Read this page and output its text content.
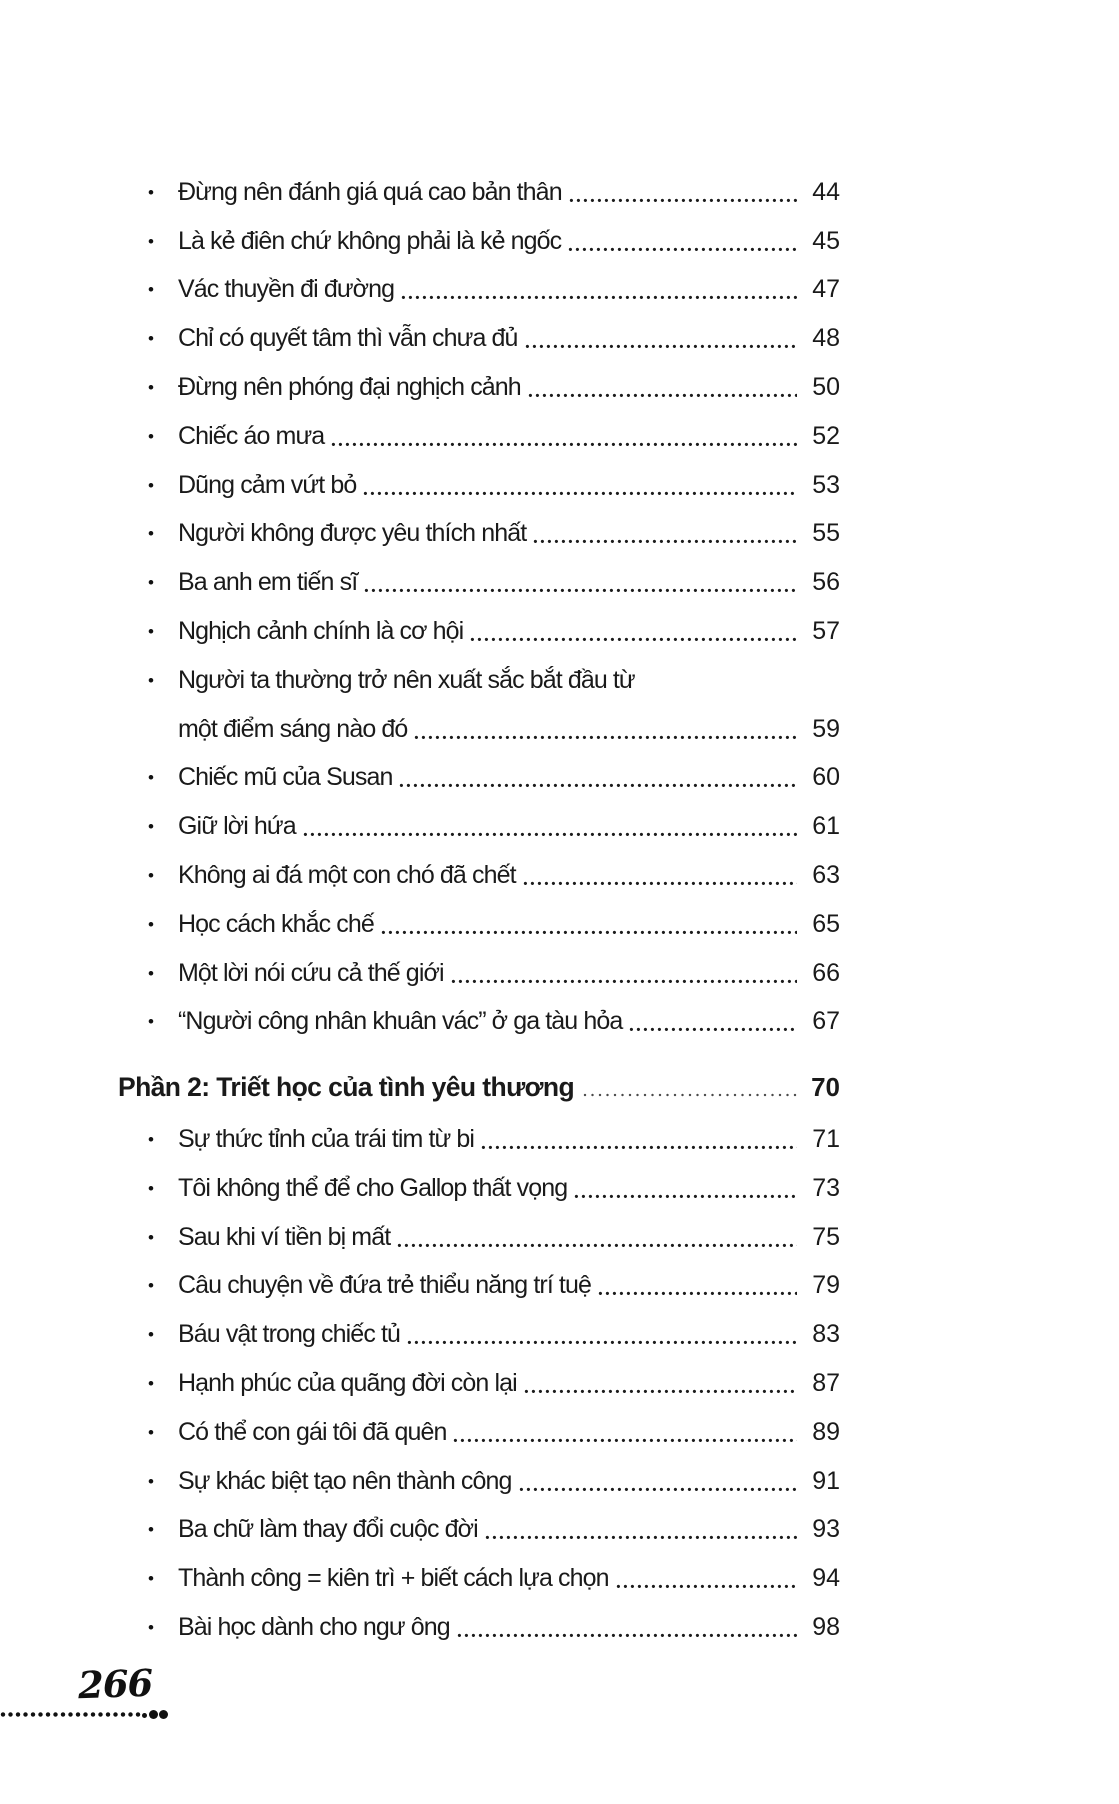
• Đừng nên đánh giá quá cao bản thân	44
• Là kẻ điên chứ không phải là kẻ ngốc	45
• Vác thuyền đi đường	47
• Chỉ có quyết tâm thì vẫn chưa đủ	48
• Đừng nên phóng đại nghịch cảnh	50
• Chiếc áo mưa	52
• Dũng cảm vứt bỏ	53
• Người không được yêu thích nhất	55
• Ba anh em tiến sĩ	56
• Nghịch cảnh chính là cơ hội	57
• Người ta thường trở nên xuất sắc bắt đầu từ
một điểm sáng nào đó	59
• Chiếc mũ của Susan	60
• Giữ lời hứa	61
• Không ai đá một con chó đã chết	63
• Học cách khắc chế	65
• Một lời nói cứu cả thế giới	66
• “Người công nhân khuân vác” ở ga tàu hỏa	67
Phần 2: Triết học của tình yêu thương	70
• Sự thức tỉnh của trái tim từ bi	71
• Tôi không thể để cho Gallop thất vọng	73
• Sau khi ví tiền bị mất	75
• Câu chuyện về đứa trẻ thiểu năng trí tuệ	79
• Báu vật trong chiếc tủ	83
• Hạnh phúc của quãng đời còn lại	87
• Có thể con gái tôi đã quên	89
• Sự khác biệt tạo nên thành công	91
• Ba chữ làm thay đổi cuộc đời	93
• Thành công = kiên trì + biết cách lựa chọn	94
• Bài học dành cho ngư ông	98
266
